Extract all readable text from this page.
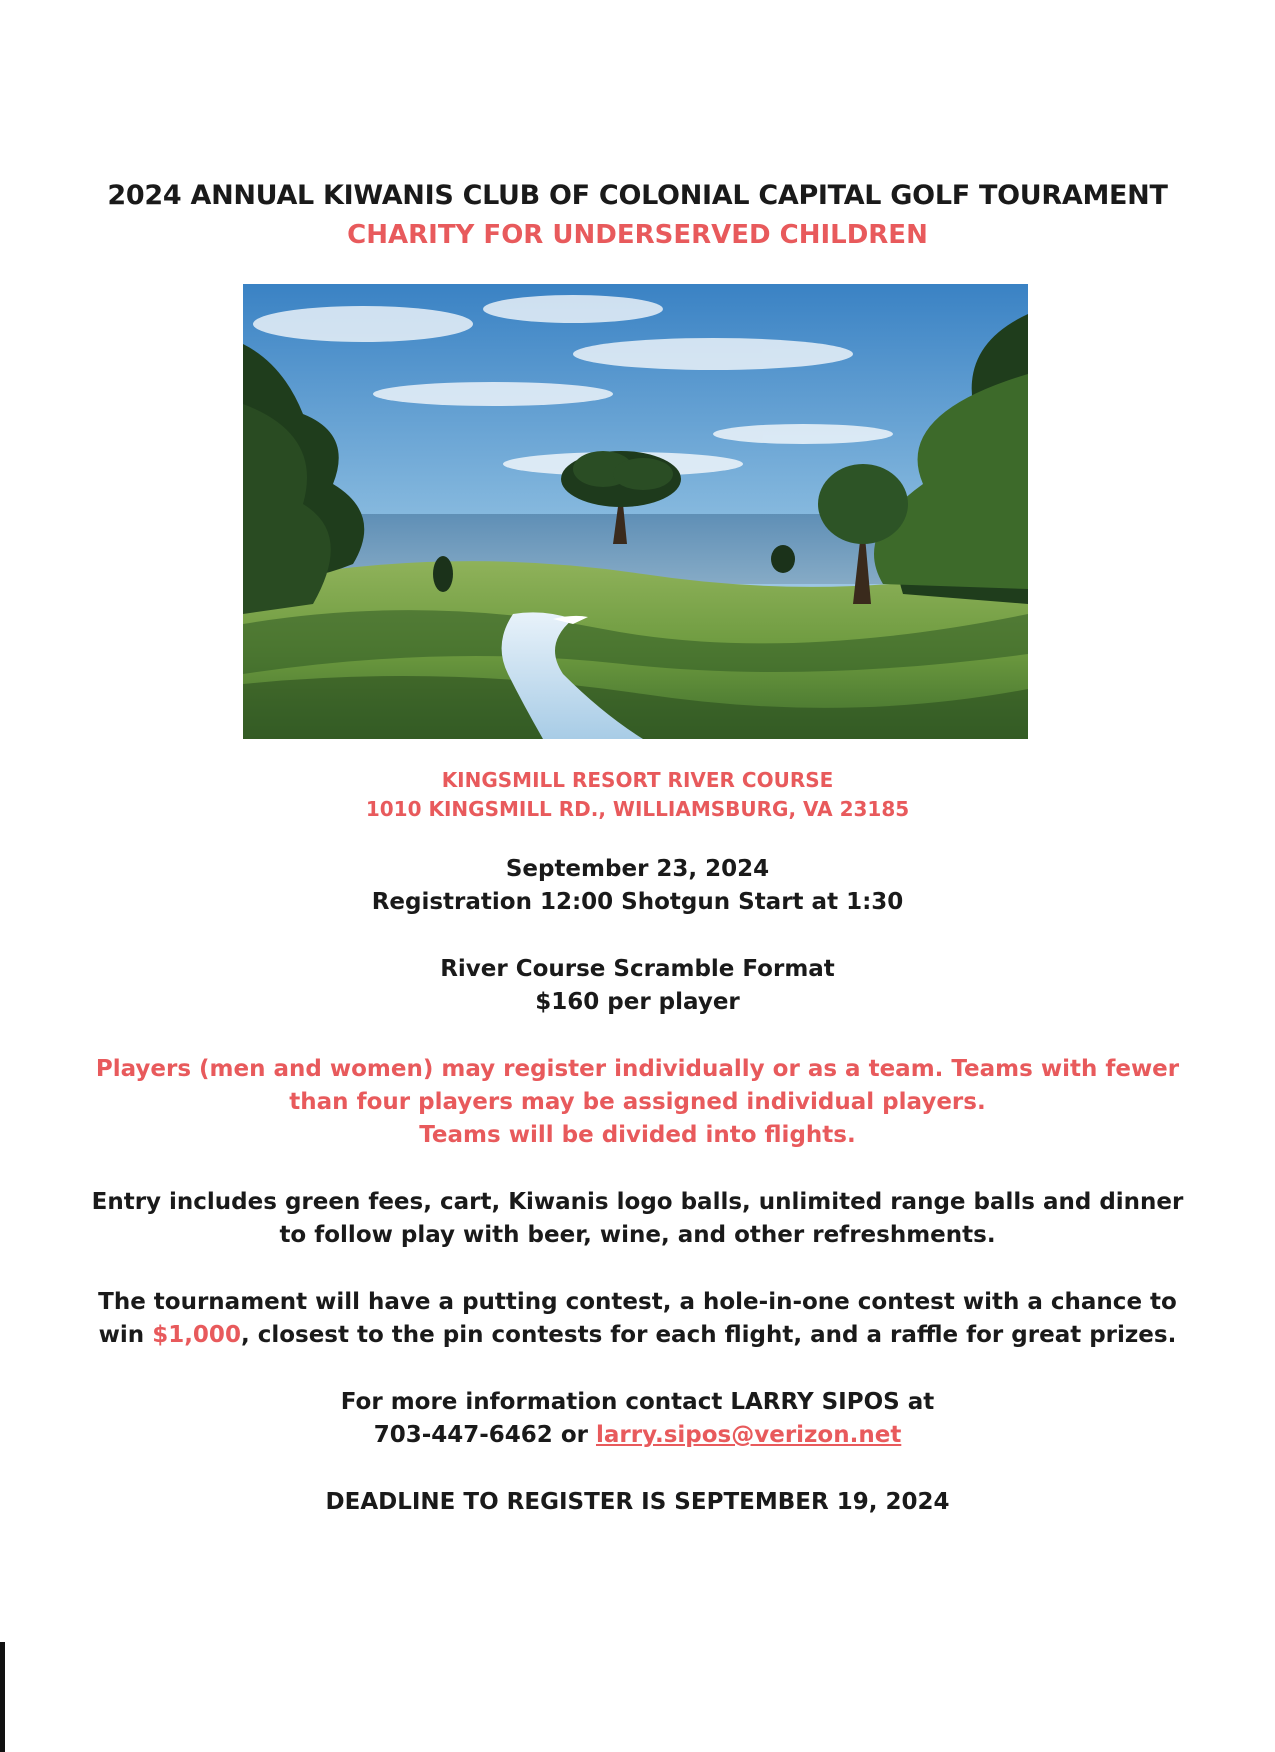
2024 ANNUAL KIWANIS CLUB OF COLONIAL CAPITAL GOLF TOURAMENT
CHARITY FOR UNDERSERVED CHILDREN
KINGSMILL RESORT RIVER COURSE
1010 KINGSMILL RD., WILLIAMSBURG, VA 23185
September 23, 2024
Registration 12:00 Shotgun Start at 1:30
River Course Scramble Format
$160 per player
Players (men and women) may register individually or as a team. Teams with fewer
than four players may be assigned individual players.
Teams will be divided into flights.
Entry includes green fees, cart, Kiwanis logo balls, unlimited range balls and dinner
to follow play with beer, wine, and other refreshments.
The tournament will have a putting contest, a hole-in-one contest with a chance to
win $1,000, closest to the pin contests for each flight, and a raffle for great prizes.
For more information contact LARRY SIPOS at
703-447-6462 or larry.sipos@verizon.net
DEADLINE TO REGISTER IS SEPTEMBER 19, 2024
